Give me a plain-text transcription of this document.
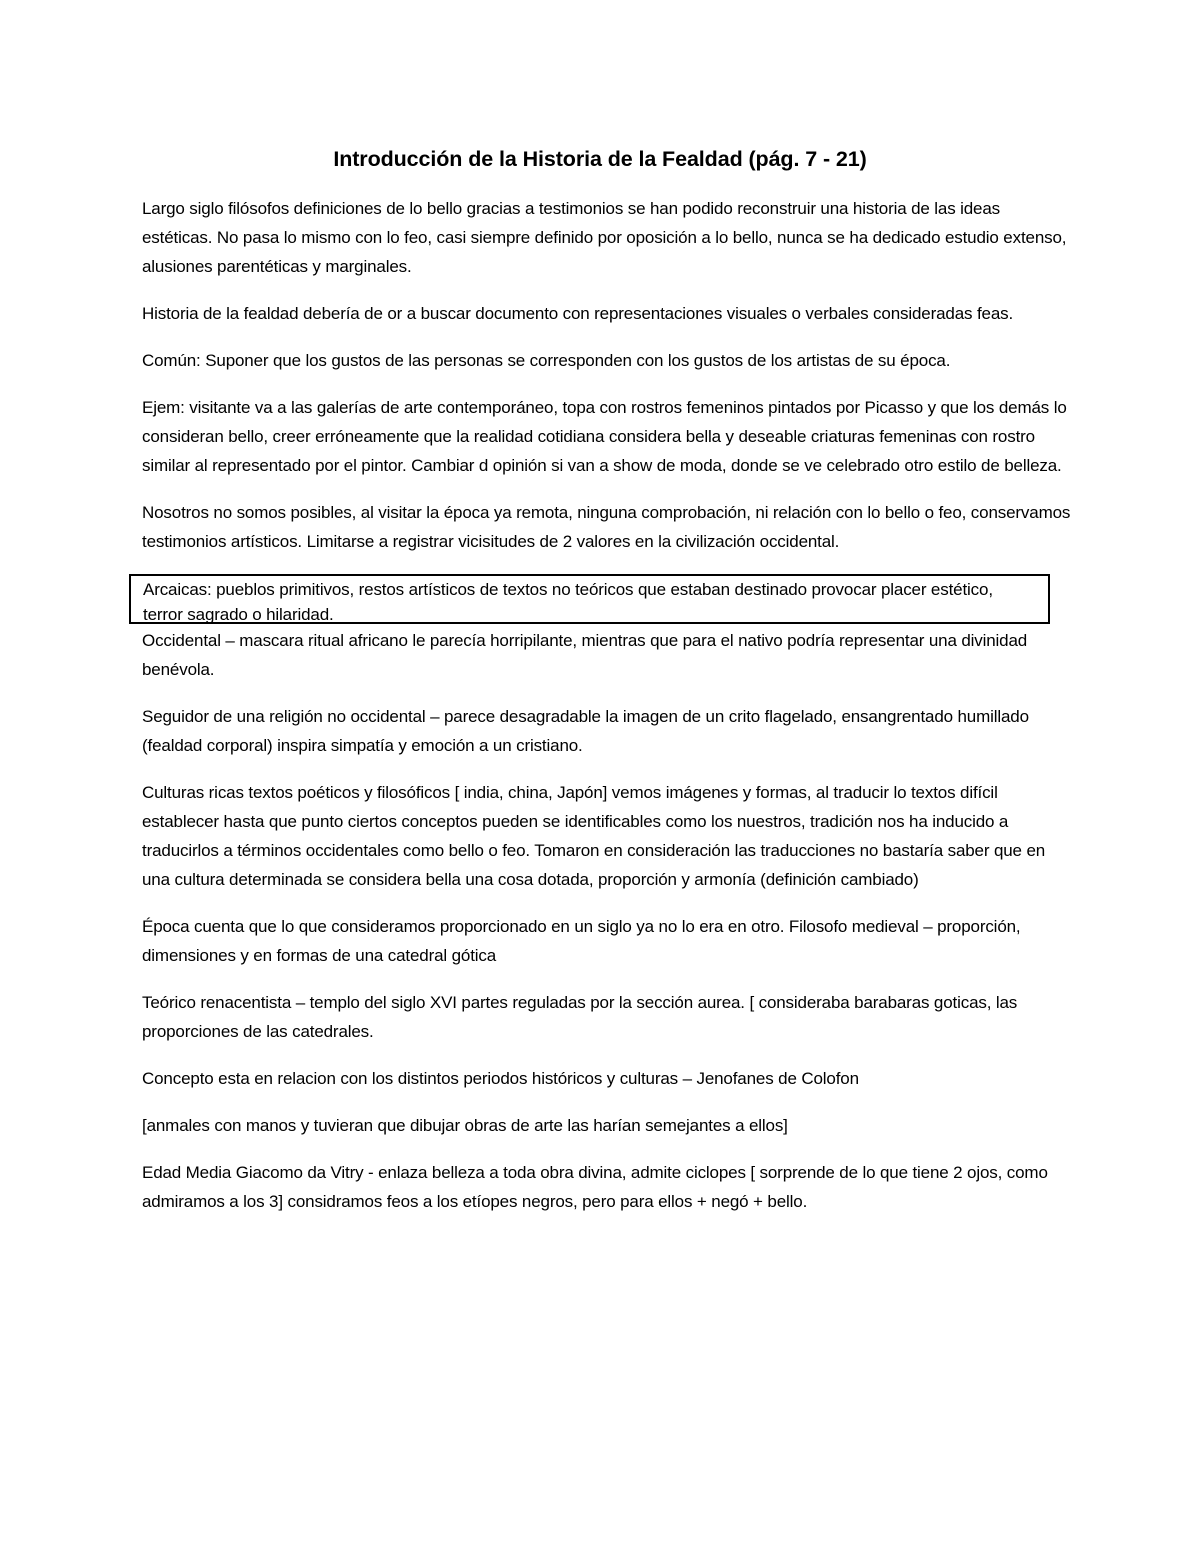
Introducción de la Historia de la Fealdad (pág. 7 - 21)

Largo siglo filósofos definiciones de lo bello gracias a testimonios se han podido reconstruir una historia de las ideas estéticas. No pasa lo mismo con lo feo, casi siempre definido por oposición a lo bello, nunca se ha dedicado estudio extenso, alusiones parentéticas y marginales.

Historia de la fealdad debería de or a buscar documento con representaciones visuales o verbales consideradas feas.

Común: Suponer que los gustos de las personas se corresponden con los gustos de los artistas de su época.

Ejem: visitante va a las galerías de arte contemporáneo, topa con rostros femeninos pintados por Picasso y que los demás lo consideran bello, creer erróneamente que la realidad cotidiana considera bella y deseable criaturas femeninas con rostro similar al representado por el pintor. Cambiar d opinión si van a show de moda, donde se ve celebrado otro estilo de belleza.

Nosotros no somos posibles, al visitar la época ya remota, ninguna comprobación, ni relación con lo bello o feo, conservamos testimonios artísticos. Limitarse a registrar vicisitudes de 2 valores en la civilización occidental.

Arcaicas: pueblos primitivos, restos artísticos de textos no teóricos que estaban destinado provocar placer estético, terror sagrado o hilaridad.

Occidental – mascara ritual africano le parecía horripilante, mientras que para el nativo podría representar una divinidad benévola.

Seguidor de una religión no occidental – parece desagradable la imagen de un crito flagelado, ensangrentado humillado (fealdad corporal) inspira simpatía y emoción a un cristiano.

Culturas ricas textos poéticos y filosóficos [ india, china, Japón] vemos imágenes y formas, al traducir lo textos difícil establecer hasta que punto ciertos conceptos pueden se identificables como los nuestros, tradición nos ha inducido a traducirlos a términos occidentales como bello o feo. Tomaron en consideración las traducciones no bastaría saber que en una cultura determinada se considera bella una cosa dotada, proporción y armonía (definición cambiado)

Época cuenta que lo que consideramos proporcionado en un siglo ya no lo era en otro. Filosofo medieval – proporción, dimensiones y en formas de una catedral gótica

Teórico renacentista – templo del siglo XVI partes reguladas por la sección aurea. [ consideraba barabaras goticas, las proporciones de las catedrales.

Concepto esta en relacion con los distintos periodos históricos y culturas – Jenofanes de Colofon

[anmales con manos y tuvieran que dibujar obras de arte las harían semejantes a ellos]

Edad Media Giacomo da Vitry - enlaza belleza a toda obra divina, admite ciclopes [ sorprende de lo que tiene 2 ojos, como admiramos a los 3] considramos feos a los etíopes negros, pero para ellos + negó + bello.
